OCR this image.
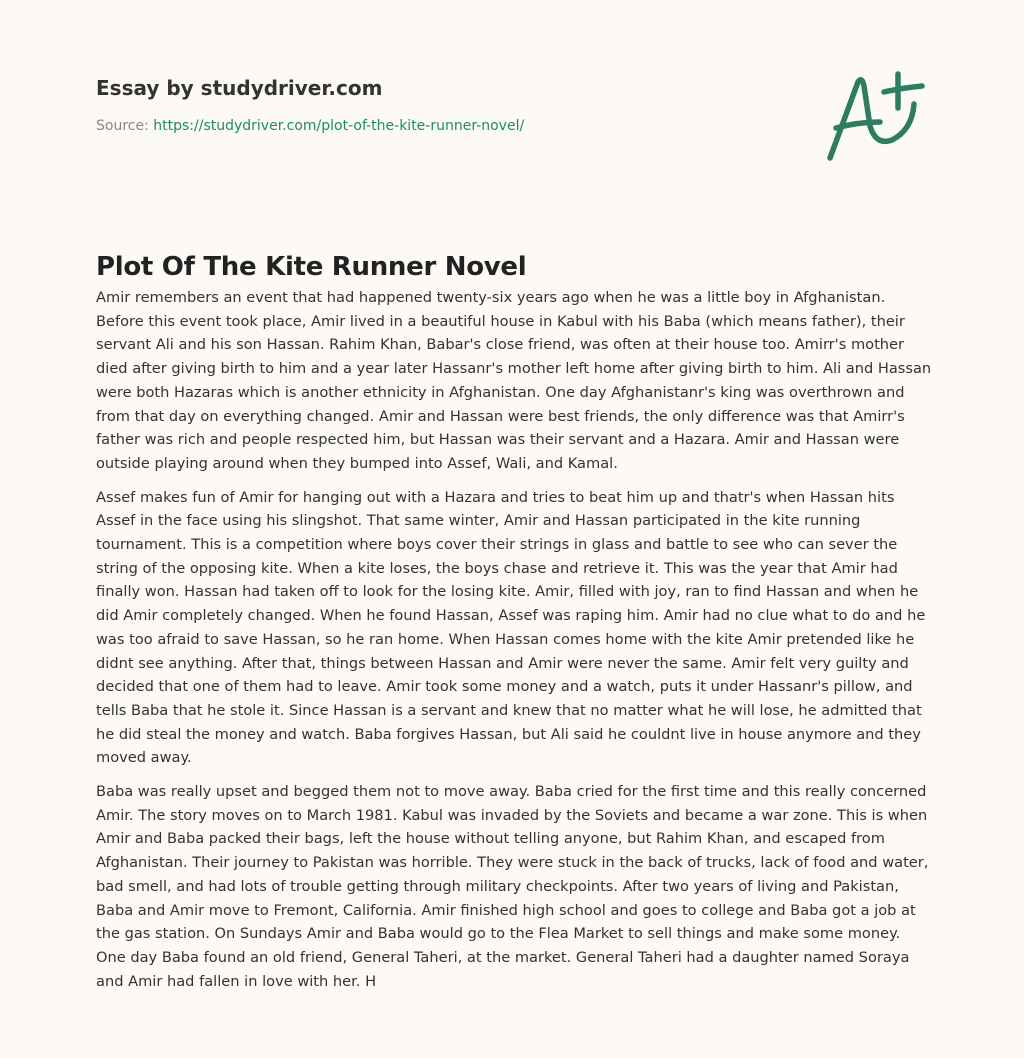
Essay by studydriver.com

Source: https://studydriver.com/plot-of-the-kite-runner-novel/
Plot Of The Kite Runner Novel

Amir remembers an event that had happened twenty-six years ago when he was a little boy in Afghanistan. Before this event took place, Amir lived in a beautiful house in Kabul with his Baba (which means father), their servant Ali and his son Hassan. Rahim Khan, Babar's close friend, was often at their house too. Amirr's mother died after giving birth to him and a year later Hassanr's mother left home after giving birth to him. Ali and Hassan were both Hazaras which is another ethnicity in Afghanistan. One day Afghanistanr's king was overthrown and from that day on everything changed. Amir and Hassan were best friends, the only difference was that Amirr's father was rich and people respected him, but Hassan was their servant and a Hazara. Amir and Hassan were outside playing around when they bumped into Assef, Wali, and Kamal.

Assef makes fun of Amir for hanging out with a Hazara and tries to beat him up and thatr's when Hassan hits Assef in the face using his slingshot. That same winter, Amir and Hassan participated in the kite running tournament. This is a competition where boys cover their strings in glass and battle to see who can sever the string of the opposing kite. When a kite loses, the boys chase and retrieve it. This was the year that Amir had finally won. Hassan had taken off to look for the losing kite. Amir, filled with joy, ran to find Hassan and when he did Amir completely changed. When he found Hassan, Assef was raping him. Amir had no clue what to do and he was too afraid to save Hassan, so he ran home. When Hassan comes home with the kite Amir pretended like he didnt see anything. After that, things between Hassan and Amir were never the same. Amir felt very guilty and decided that one of them had to leave. Amir took some money and a watch, puts it under Hassanr's pillow, and tells Baba that he stole it. Since Hassan is a servant and knew that no matter what he will lose, he admitted that he did steal the money and watch. Baba forgives Hassan, but Ali said he couldnt live in house anymore and they moved away.

Baba was really upset and begged them not to move away. Baba cried for the first time and this really concerned Amir. The story moves on to March 1981. Kabul was invaded by the Soviets and became a war zone. This is when Amir and Baba packed their bags, left the house without telling anyone, but Rahim Khan, and escaped from Afghanistan. Their journey to Pakistan was horrible. They were stuck in the back of trucks, lack of food and water, bad smell, and had lots of trouble getting through military checkpoints. After two years of living and Pakistan, Baba and Amir move to Fremont, California. Amir finished high school and goes to college and Baba got a job at the gas station. On Sundays Amir and Baba would go to the Flea Market to sell things and make some money. One day Baba found an old friend, General Taheri, at the market. General Taheri had a daughter named Soraya and Amir had fallen in love with her. H
